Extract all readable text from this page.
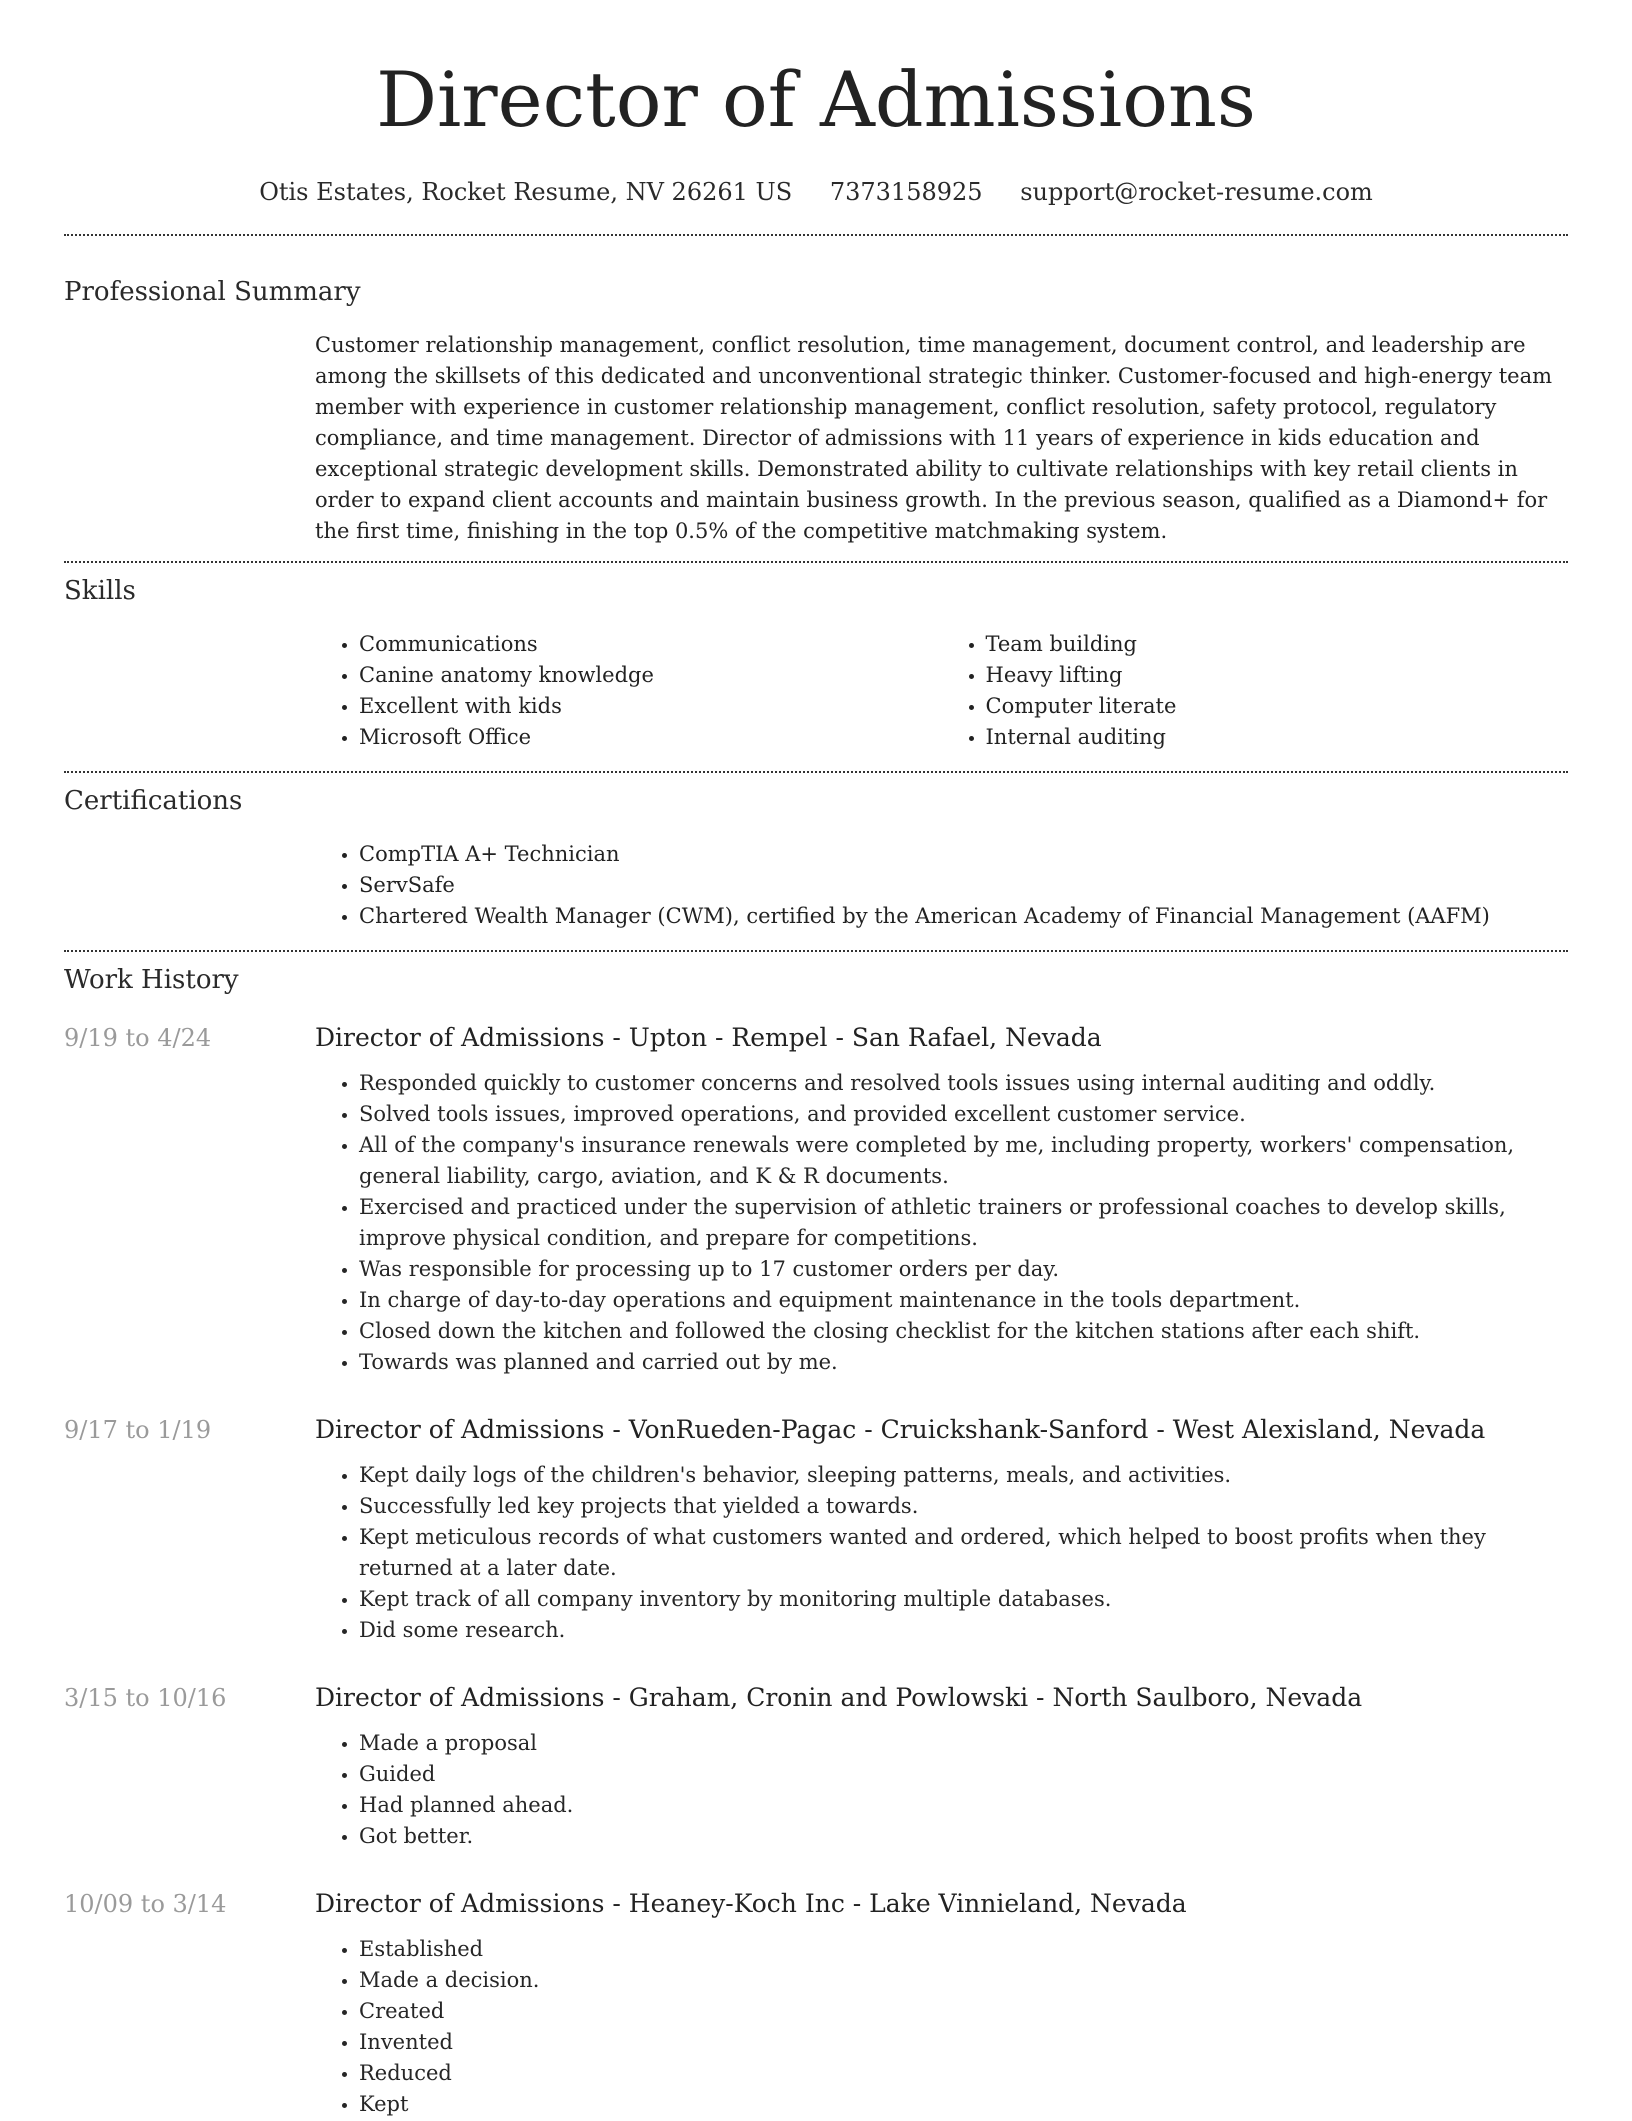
Director of Admissions
Otis Estates, Rocket Resume, NV 26261 US 7373158925 support@rocket-resume.com
Professional Summary

Customer relationship management, conflict resolution, time management, document control, and leadership are among the skillsets of this dedicated and unconventional strategic thinker. Customer-focused and high-energy team member with experience in customer relationship management, conflict resolution, safety protocol, regulatory compliance, and time management. Director of admissions with 11 years of experience in kids education and exceptional strategic development skills. Demonstrated ability to cultivate relationships with key retail clients in order to expand client accounts and maintain business growth. In the previous season, qualified as a Diamond+ for the first time, finishing in the top 0.5% of the competitive matchmaking system.

Skills
• Communications
• Canine anatomy knowledge
• Excellent with kids
• Microsoft Office
• Team building
• Heavy lifting
• Computer literate
• Internal auditing
Certifications
• CompTIA A+ Technician
• ServSafe
• Chartered Wealth Manager (CWM), certified by the American Academy of Financial Management (AAFM)
Work History
9/19 to 4/24	Director of Admissions - Upton - Rempel - San Rafael, Nevada
• Responded quickly to customer concerns and resolved tools issues using internal auditing and oddly.
• Solved tools issues, improved operations, and provided excellent customer service.
• All of the company's insurance renewals were completed by me, including property, workers' compensation, general liability, cargo, aviation, and K & R documents.
• Exercised and practiced under the supervision of athletic trainers or professional coaches to develop skills, improve physical condition, and prepare for competitions.
• Was responsible for processing up to 17 customer orders per day.
• In charge of day-to-day operations and equipment maintenance in the tools department.
• Closed down the kitchen and followed the closing checklist for the kitchen stations after each shift.
• Towards was planned and carried out by me.
9/17 to 1/19	Director of Admissions - VonRueden-Pagac - Cruickshank-Sanford - West Alexisland, Nevada
• Kept daily logs of the children's behavior, sleeping patterns, meals, and activities.
• Successfully led key projects that yielded a towards.
• Kept meticulous records of what customers wanted and ordered, which helped to boost profits when they returned at a later date.
• Kept track of all company inventory by monitoring multiple databases.
• Did some research.
3/15 to 10/16	Director of Admissions - Graham, Cronin and Powlowski - North Saulboro, Nevada
• Made a proposal
• Guided
• Had planned ahead.
• Got better.
10/09 to 3/14	Director of Admissions - Heaney-Koch Inc - Lake Vinnieland, Nevada
• Established
• Made a decision.
• Created
• Invented
• Reduced
• Kept
